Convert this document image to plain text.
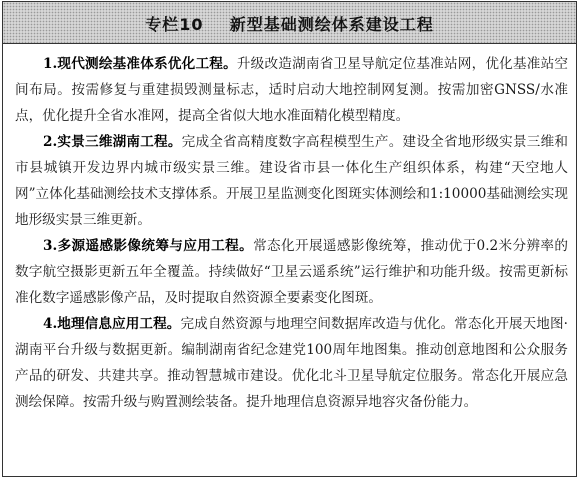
专栏10    新型基础测绘体系建设工程

1.现代测绘基准体系优化工程。升级改造湖南省卫星导航定位基准站网，优化基准站空间布局。按需修复与重建损毁测量标志，适时启动大地控制网复测。按需加密GNSS/水准点，优化提升全省水准网，提高全省似大地水准面精化模型精度。

2.实景三维湖南工程。完成全省高精度数字高程模型生产。建设全省地形级实景三维和市县城镇开发边界内城市级实景三维。建设省市县一体化生产组织体系，构建“天空地人网”立体化基础测绘技术支撑体系。开展卫星监测变化图斑实体测绘和1:10000基础测绘实现地形级实景三维更新。

3.多源遥感影像统筹与应用工程。常态化开展遥感影像统筹，推动优于0.2米分辨率的数字航空摄影更新五年全覆盖。持续做好“卫星云遥系统”运行维护和功能升级。按需更新标准化数字遥感影像产品，及时提取自然资源全要素变化图斑。

4.地理信息应用工程。完成自然资源与地理空间数据库改造与优化。常态化开展天地图·湖南平台升级与数据更新。编制湖南省纪念建党100周年地图集。推动创意地图和公众服务产品的研发、共建共享。推动智慧城市建设。优化北斗卫星导航定位服务。常态化开展应急测绘保障。按需升级与购置测绘装备。提升地理信息资源异地容灾备份能力。
